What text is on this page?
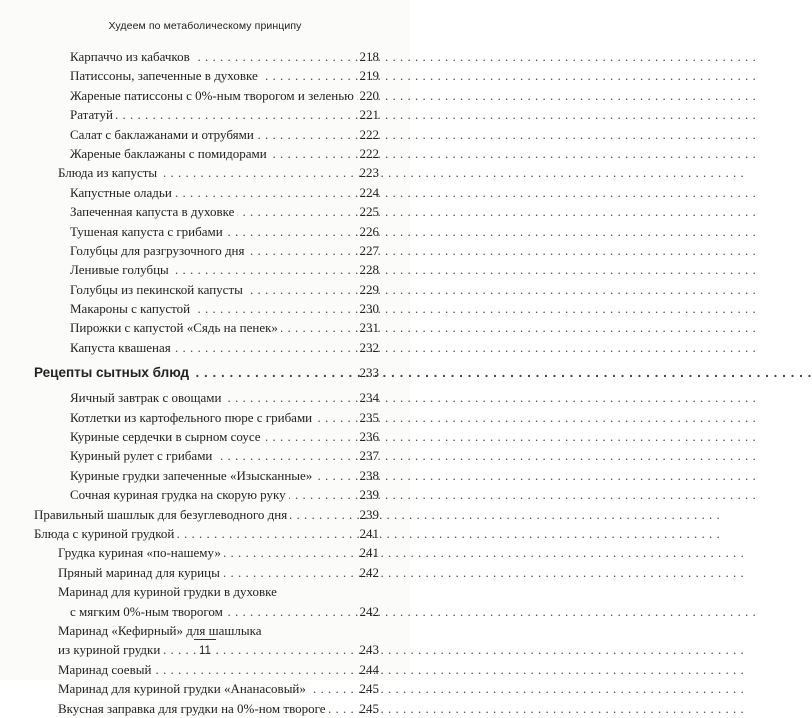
Худеем по метаболическому принципу
Карпаччо из кабачков . . .	218
Патиссоны, запеченные в духовке . . .	219
Жареные патиссоны с 0%-ным творогом и зеленью . . . 220
Рататуй . . .	221
Салат с баклажанами и отрубями . . .	222
Жареные баклажаны с помидорами . . .	222
Блюда из капусты . . .	223
Капустные оладьи . . .	224
Запеченная капуста в духовке . . .	225
Тушеная капуста с грибами . . .	226
Голубцы для разгрузочного дня . . .	227
Ленивые голубцы . . .	228
Голубцы из пекинской капусты . . .	229
Макароны с капустой . . .	230
Пирожки с капустой «Сядь на пенек» . . .	231
Капуста квашеная . . .	232
Рецепты сытных блюд . . .	233
Яичный завтрак с овощами . . .	234
Котлетки из картофельного пюре с грибами . . .	235
Куриные сердечки в сырном соусе . . .	236
Куриный рулет с грибами . . .	237
Куриные грудки запеченные «Изысканные» . . .	238
Сочная куриная грудка на скорую руку . . .	239
Правильный шашлык для безуглеводного дня . . .	239
Блюда с куриной грудкой . . .	241
Грудка куриная «по-нашему» . . .	241
Пряный маринад для курицы . . .	242
Маринад для куриной грудки в духовке
с мягким 0%-ным творогом . . .	242
Маринад «Кефирный» для шашлыка
из куриной грудки . . .	243
Маринад соевый . . .	244
Маринад для куриной грудки «Ананасовый» . . .	245
Вкусная заправка для грудки на 0%-ном твороге . . .	245
11
